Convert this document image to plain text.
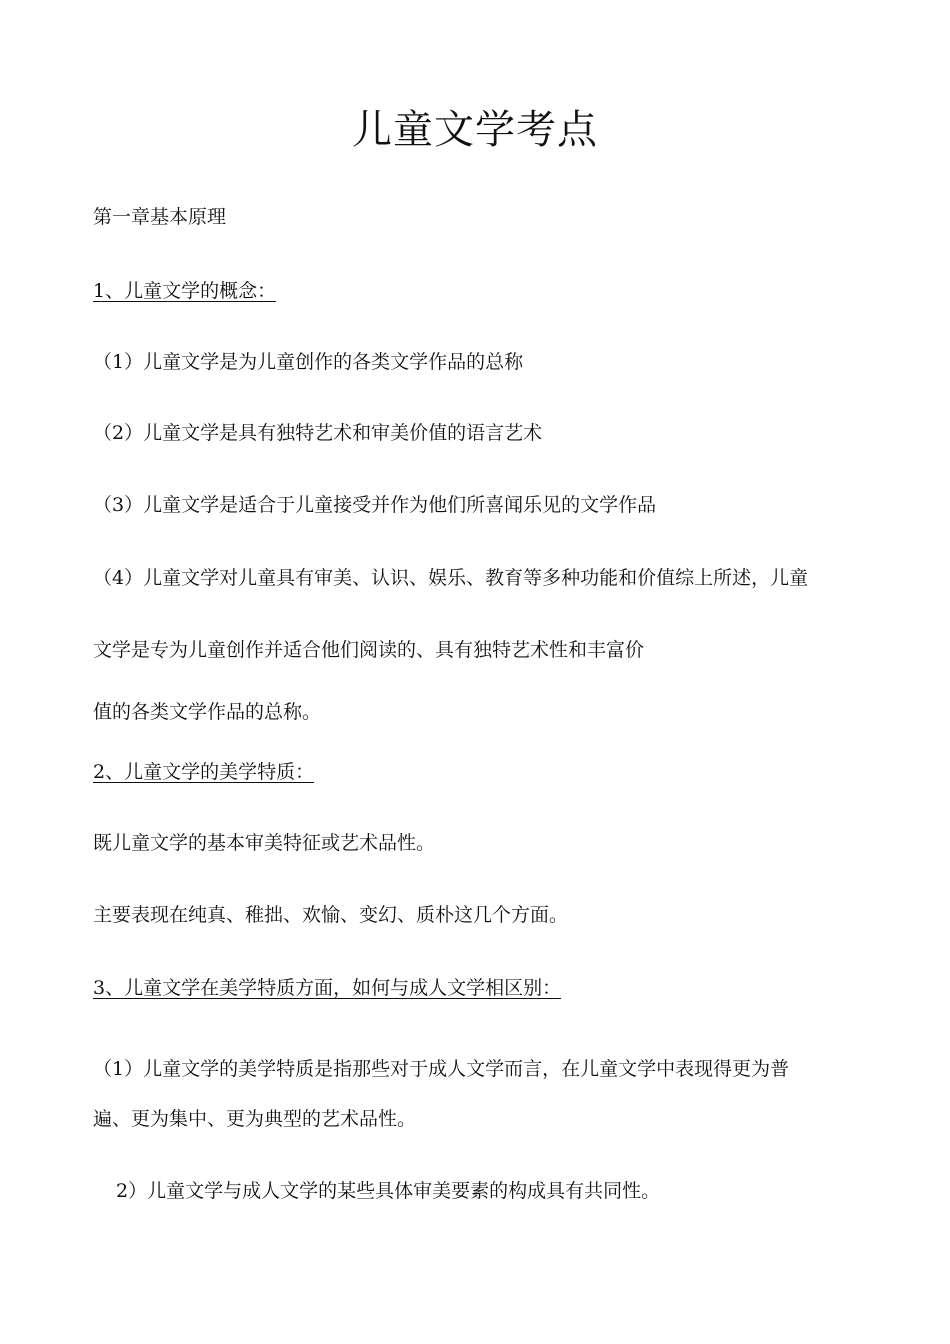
儿童文学考点

第一章基本原理

1、儿童文学的概念：

（1）儿童文学是为儿童创作的各类文学作品的总称

（2）儿童文学是具有独特艺术和审美价值的语言艺术

（3）儿童文学是适合于儿童接受并作为他们所喜闻乐见的文学作品

（4）儿童文学对儿童具有审美、认识、娱乐、教育等多种功能和价值综上所述，儿童

文学是专为儿童创作并适合他们阅读的、具有独特艺术性和丰富价

值的各类文学作品的总称。

2、儿童文学的美学特质：

既儿童文学的基本审美特征或艺术品性。

主要表现在纯真、稚拙、欢愉、变幻、质朴这几个方面。

3、儿童文学在美学特质方面，如何与成人文学相区别：

（1）儿童文学的美学特质是指那些对于成人文学而言，在儿童文学中表现得更为普

遍、更为集中、更为典型的艺术品性。

2）儿童文学与成人文学的某些具体审美要素的构成具有共同性。
